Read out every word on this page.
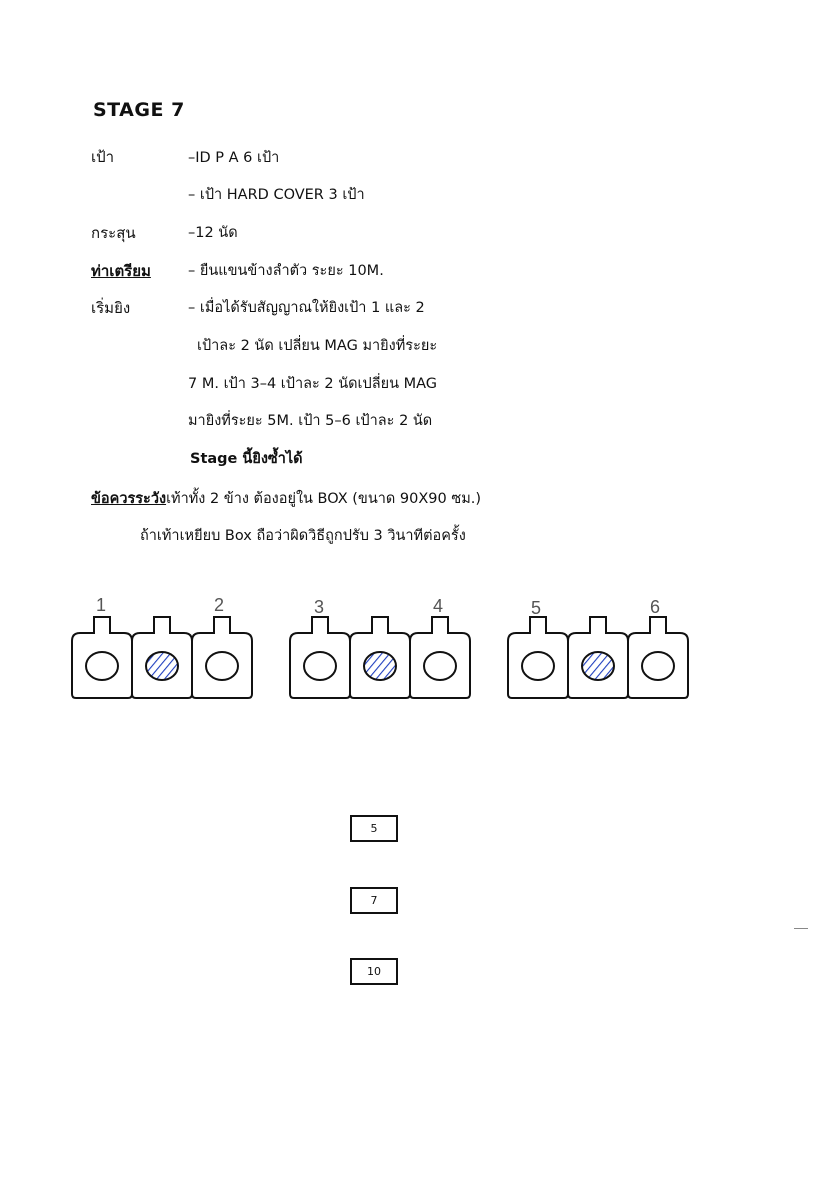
STAGE 7
เป้า	–ID P A 6 เป้า
– เป้า HARD COVER 3 เป้า
กระสุน	–12 นัด
ท่าเตรียม	– ยืนแขนข้างลำตัว ระยะ 10M.
เริ่มยิง	– เมื่อได้รับสัญญาณให้ยิงเป้า 1 และ 2
เป้าละ 2 นัด เปลี่ยน MAG มายิงที่ระยะ
7 M. เป้า 3–4 เป้าละ 2 นัดเปลี่ยน MAG
มายิงที่ระยะ 5M. เป้า 5–6 เป้าละ 2 นัด
Stage นี้ยิงซ้ำได้
ข้อควรระวังเท้าทั้ง 2 ข้าง ต้องอยู่ใน BOX (ขนาด 90X90 ซม.)
ถ้าเท้าเหยียบ Box ถือว่าผิดวิธีถูกปรับ 3 วินาทีต่อครั้ง
1	2	3	4	5	6
5
7
10
